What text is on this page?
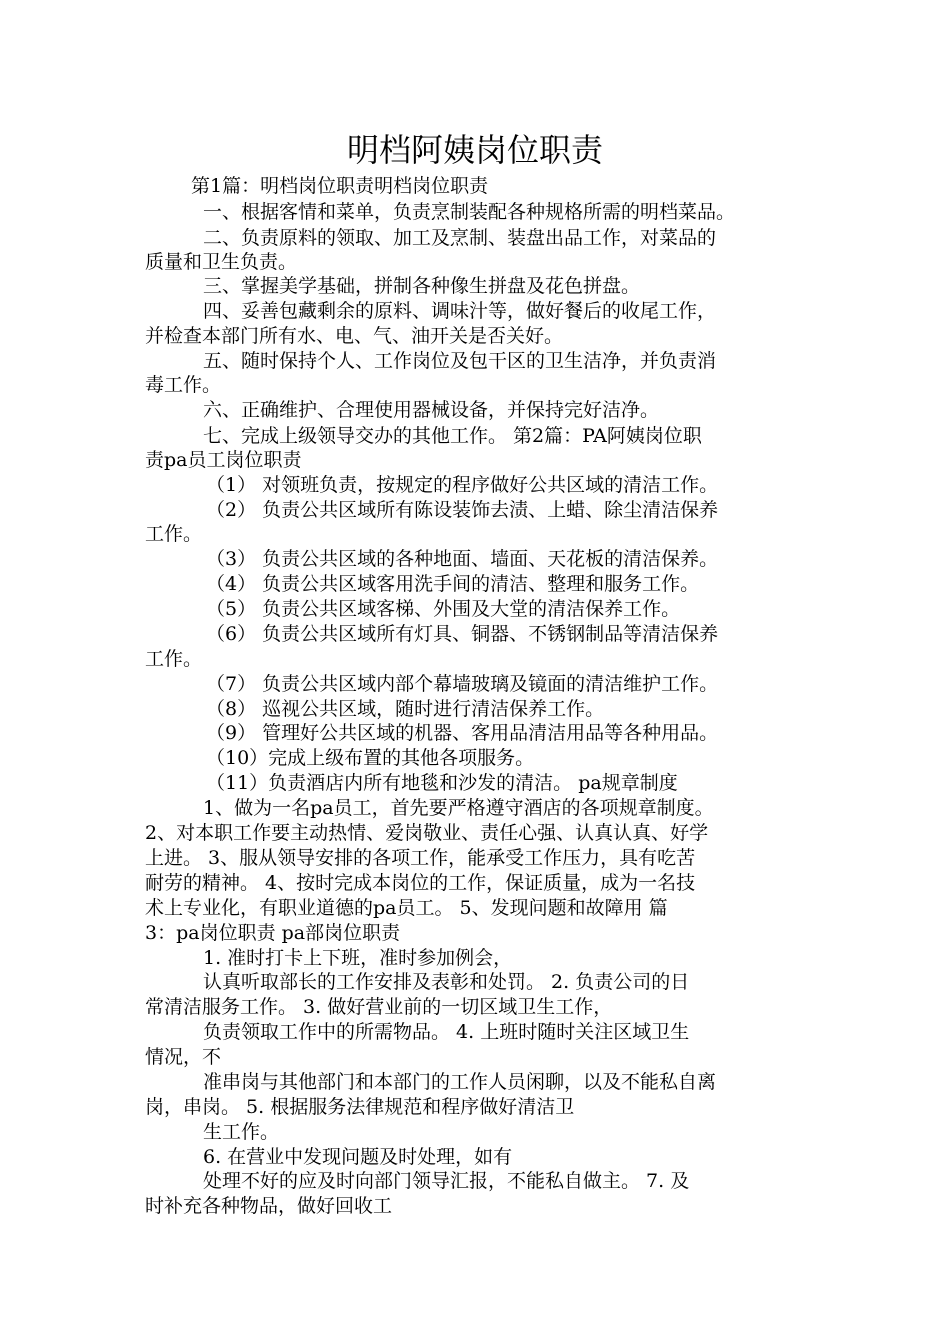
明档阿姨岗位职责
第1篇：明档岗位职责明档岗位职责
一、根据客情和菜单，负责烹制装配各种规格所需的明档菜品。
二、负责原料的领取、加工及烹制、装盘出品工作，对菜品的
质量和卫生负责。
三、掌握美学基础，拼制各种像生拼盘及花色拼盘。
四、妥善包藏剩余的原料、调味汁等，做好餐后的收尾工作，
并检查本部门所有水、电、气、油开关是否关好。
五、随时保持个人、工作岗位及包干区的卫生洁净，并负责消
毒工作。
六、正确维护、合理使用器械设备，并保持完好洁净。
七、完成上级领导交办的其他工作。 第2篇：PA阿姨岗位职
责pa员工岗位职责
（1） 对领班负责，按规定的程序做好公共区域的清洁工作。
（2） 负责公共区域所有陈设装饰去渍、上蜡、除尘清洁保养
工作。
（3） 负责公共区域的各种地面、墙面、天花板的清洁保养。
（4） 负责公共区域客用洗手间的清洁、整理和服务工作。
（5） 负责公共区域客梯、外围及大堂的清洁保养工作。
（6） 负责公共区域所有灯具、铜器、不锈钢制品等清洁保养
工作。
（7） 负责公共区域内部个幕墙玻璃及镜面的清洁维护工作。
（8） 巡视公共区域，随时进行清洁保养工作。
（9） 管理好公共区域的机器、客用品清洁用品等各种用品。
（10）完成上级布置的其他各项服务。
（11）负责酒店内所有地毯和沙发的清洁。 pa规章制度
1、做为一名pa员工，首先要严格遵守酒店的各项规章制度。
2、对本职工作要主动热情、爱岗敬业、责任心强、认真认真、好学
上进。 3、服从领导安排的各项工作，能承受工作压力，具有吃苦
耐劳的精神。 4、按时完成本岗位的工作，保证质量，成为一名技
术上专业化，有职业道德的pa员工。 5、发现问题和故障用 篇
3：pa岗位职责 pa部岗位职责
1. 准时打卡上下班，准时参加例会，
认真听取部长的工作安排及表彰和处罚。 2. 负责公司的日
常清洁服务工作。 3. 做好营业前的一切区域卫生工作，
负责领取工作中的所需物品。 4. 上班时随时关注区域卫生
情况，不
准串岗与其他部门和本部门的工作人员闲聊，以及不能私自离
岗，串岗。 5. 根据服务法律规范和程序做好清洁卫
生工作。
6. 在营业中发现问题及时处理，如有
处理不好的应及时向部门领导汇报，不能私自做主。 7. 及
时补充各种物品，做好回收工
